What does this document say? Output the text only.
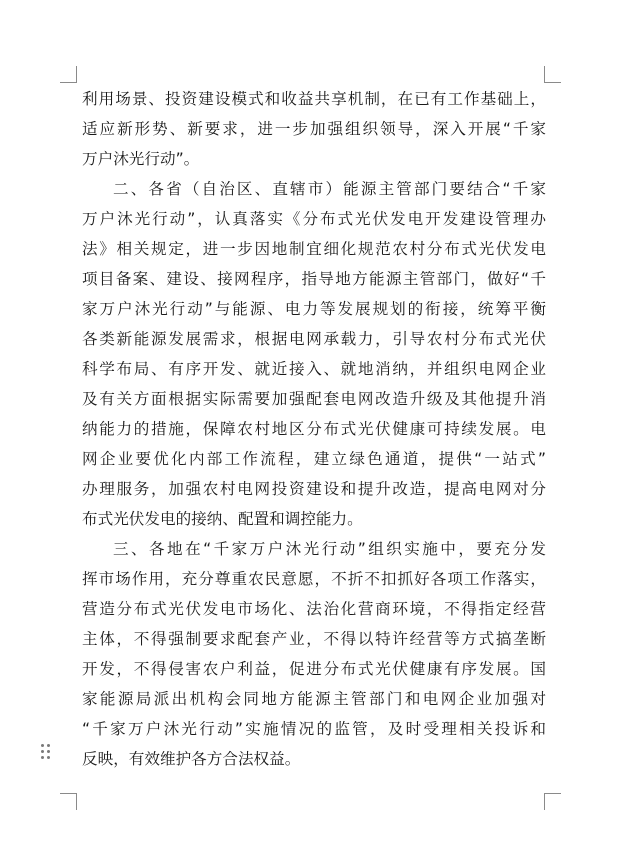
利用场景、投资建设模式和收益共享机制，在已有工作基础上，
适应新形势、新要求，进一步加强组织领导，深入开展“千家
万户沐光行动”。
二、各省（自治区、直辖市）能源主管部门要结合“千家
万户沐光行动”，认真落实《分布式光伏发电开发建设管理办
法》相关规定，进一步因地制宜细化规范农村分布式光伏发电
项目备案、建设、接网程序，指导地方能源主管部门，做好“千
家万户沐光行动”与能源、电力等发展规划的衔接，统筹平衡
各类新能源发展需求，根据电网承载力，引导农村分布式光伏
科学布局、有序开发、就近接入、就地消纳，并组织电网企业
及有关方面根据实际需要加强配套电网改造升级及其他提升消
纳能力的措施，保障农村地区分布式光伏健康可持续发展。电
网企业要优化内部工作流程，建立绿色通道，提供“一站式”
办理服务，加强农村电网投资建设和提升改造，提高电网对分
布式光伏发电的接纳、配置和调控能力。
三、各地在“千家万户沐光行动”组织实施中，要充分发
挥市场作用，充分尊重农民意愿，不折不扣抓好各项工作落实，
营造分布式光伏发电市场化、法治化营商环境，不得指定经营
主体，不得强制要求配套产业，不得以特许经营等方式搞垄断
开发，不得侵害农户利益，促进分布式光伏健康有序发展。国
家能源局派出机构会同地方能源主管部门和电网企业加强对
“千家万户沐光行动”实施情况的监管，及时受理相关投诉和
反映，有效维护各方合法权益。
